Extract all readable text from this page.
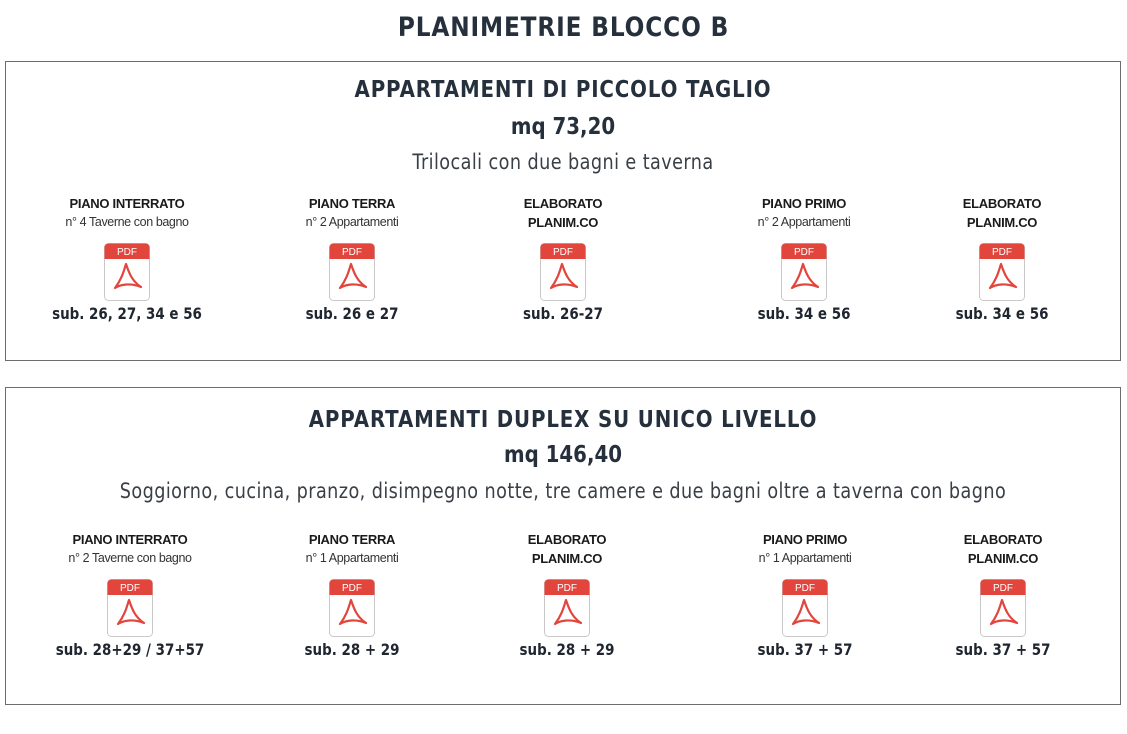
PLANIMETRIE BLOCCO B
APPARTAMENTI DI PICCOLO TAGLIO
mq 73,20
Trilocali con due bagni e taverna
PIANO INTERRATO
n° 4 Taverne con bagno
PDF
sub. 26, 27, 34 e 56
PIANO TERRA
n° 2 Appartamenti
PDF
sub. 26 e 27
ELABORATO
PLANIM.CO
PDF
sub. 26-27
PIANO PRIMO
n° 2 Appartamenti
PDF
sub. 34 e 56
ELABORATO
PLANIM.CO
PDF
sub. 34 e 56
APPARTAMENTI DUPLEX SU UNICO LIVELLO
mq 146,40
Soggiorno, cucina, pranzo, disimpegno notte, tre camere e due bagni oltre a taverna con bagno
PIANO INTERRATO
n° 2 Taverne con bagno
PDF
sub. 28+29 / 37+57
PIANO TERRA
n° 1 Appartamenti
PDF
sub. 28 + 29
ELABORATO
PLANIM.CO
PDF
sub. 28 + 29
PIANO PRIMO
n° 1 Appartamenti
PDF
sub. 37 + 57
ELABORATO
PLANIM.CO
PDF
sub. 37 + 57
